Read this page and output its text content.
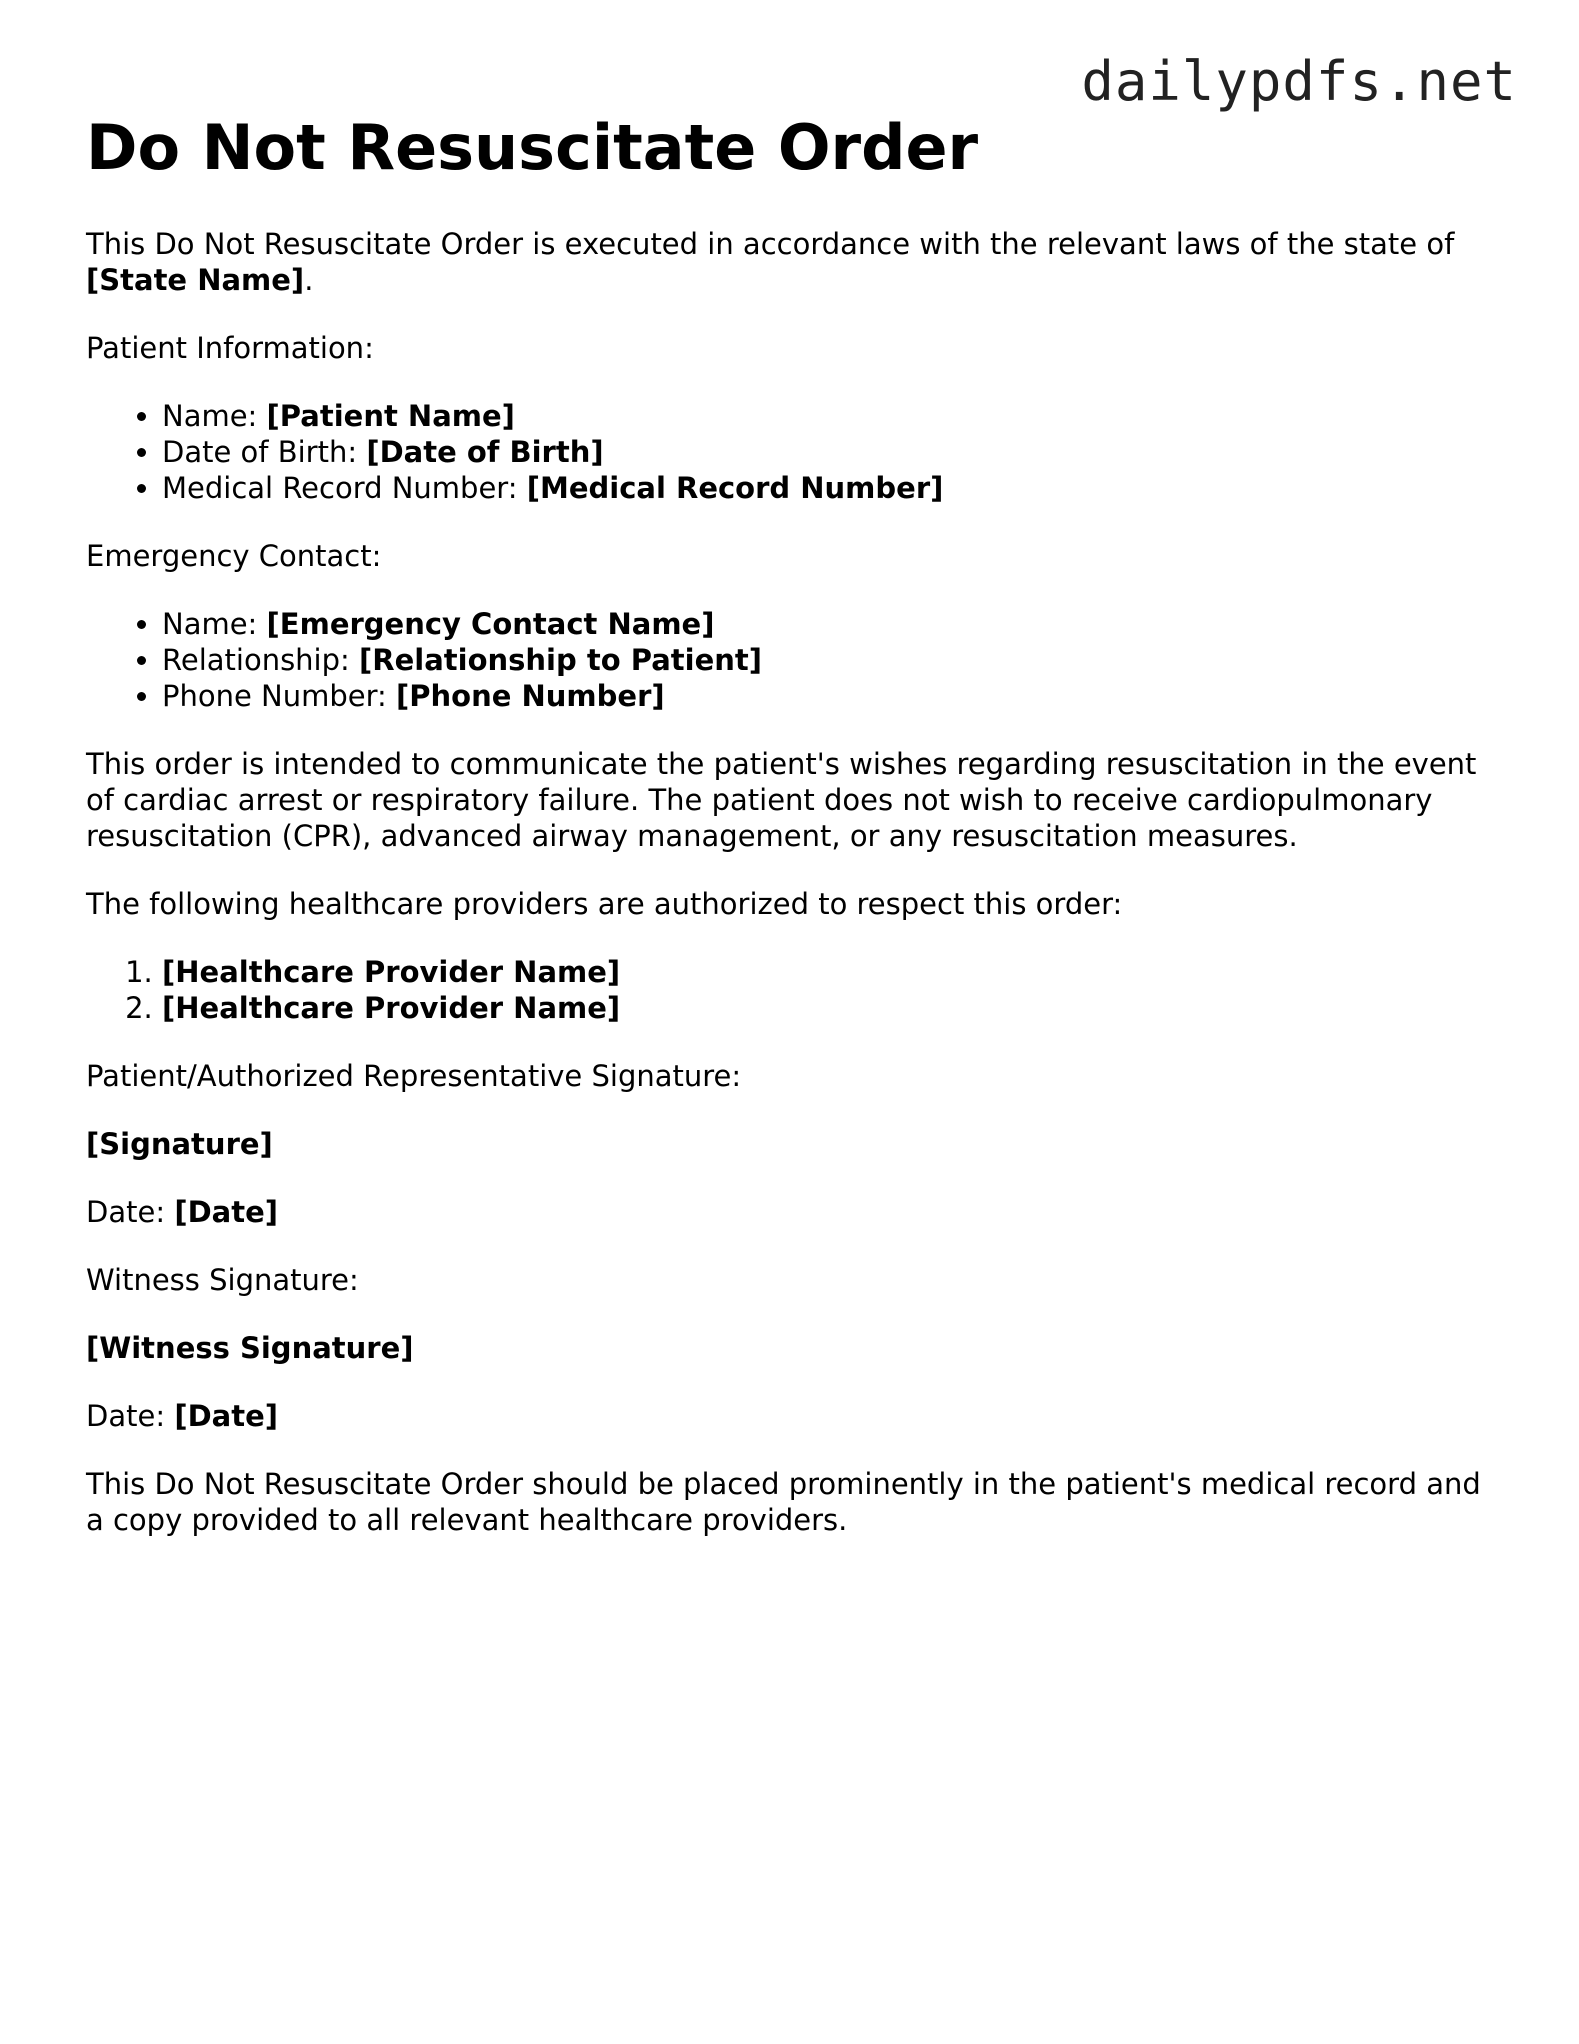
dailypdfs.net
Do Not Resuscitate Order

This Do Not Resuscitate Order is executed in accordance with the relevant laws of the state of [State Name].

Patient Information:

• Name: [Patient Name]
• Date of Birth: [Date of Birth]
• Medical Record Number: [Medical Record Number]

Emergency Contact:

• Name: [Emergency Contact Name]
• Relationship: [Relationship to Patient]
• Phone Number: [Phone Number]

This order is intended to communicate the patient's wishes regarding resuscitation in the event of cardiac arrest or respiratory failure. The patient does not wish to receive cardiopulmonary resuscitation (CPR), advanced airway management, or any resuscitation measures.

The following healthcare providers are authorized to respect this order:

1. [Healthcare Provider Name]
2. [Healthcare Provider Name]

Patient/Authorized Representative Signature:

[Signature]

Date: [Date]

Witness Signature:

[Witness Signature]

Date: [Date]

This Do Not Resuscitate Order should be placed prominently in the patient's medical record and a copy provided to all relevant healthcare providers.
